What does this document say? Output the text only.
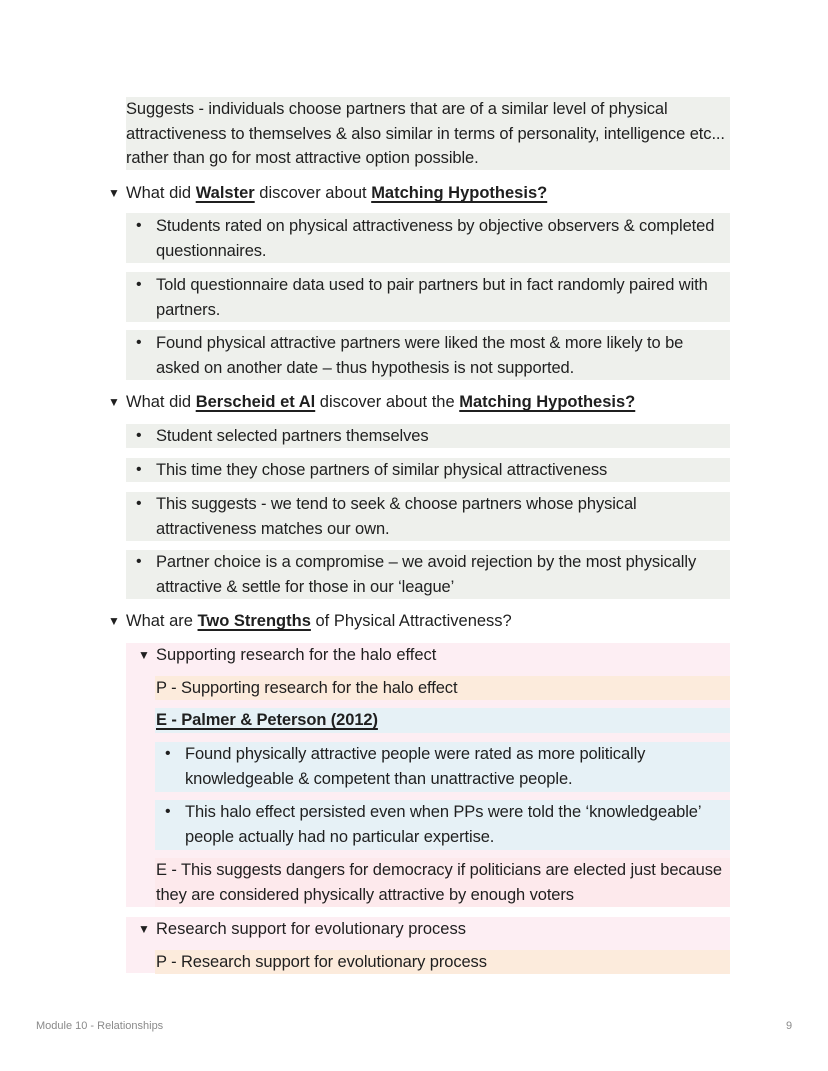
Suggests - individuals choose partners that are of a similar level of physical attractiveness to themselves & also similar in terms of personality, intelligence etc... rather than go for most attractive option possible.
▼ What did Walster discover about Matching Hypothesis?
• Students rated on physical attractiveness by objective observers & completed questionnaires.
• Told questionnaire data used to pair partners but in fact randomly paired with partners.
• Found physical attractive partners were liked the most & more likely to be asked on another date – thus hypothesis is not supported.
▼ What did Berscheid et Al discover about the Matching Hypothesis?
• Student selected partners themselves
• This time they chose partners of similar physical attractiveness
• This suggests - we tend to seek & choose partners whose physical attractiveness matches our own.
• Partner choice is a compromise – we avoid rejection by the most physically attractive & settle for those in our ‘league’
▼ What are Two Strengths of Physical Attractiveness?
▼ Supporting research for the halo effect
P - Supporting research for the halo effect
E - Palmer & Peterson (2012)
• Found physically attractive people were rated as more politically knowledgeable & competent than unattractive people.
• This halo effect persisted even when PPs were told the ‘knowledgeable’ people actually had no particular expertise.
E - This suggests dangers for democracy if politicians are elected just because they are considered physically attractive by enough voters
▼ Research support for evolutionary process
P - Research support for evolutionary process
Module 10 - Relationships	9
